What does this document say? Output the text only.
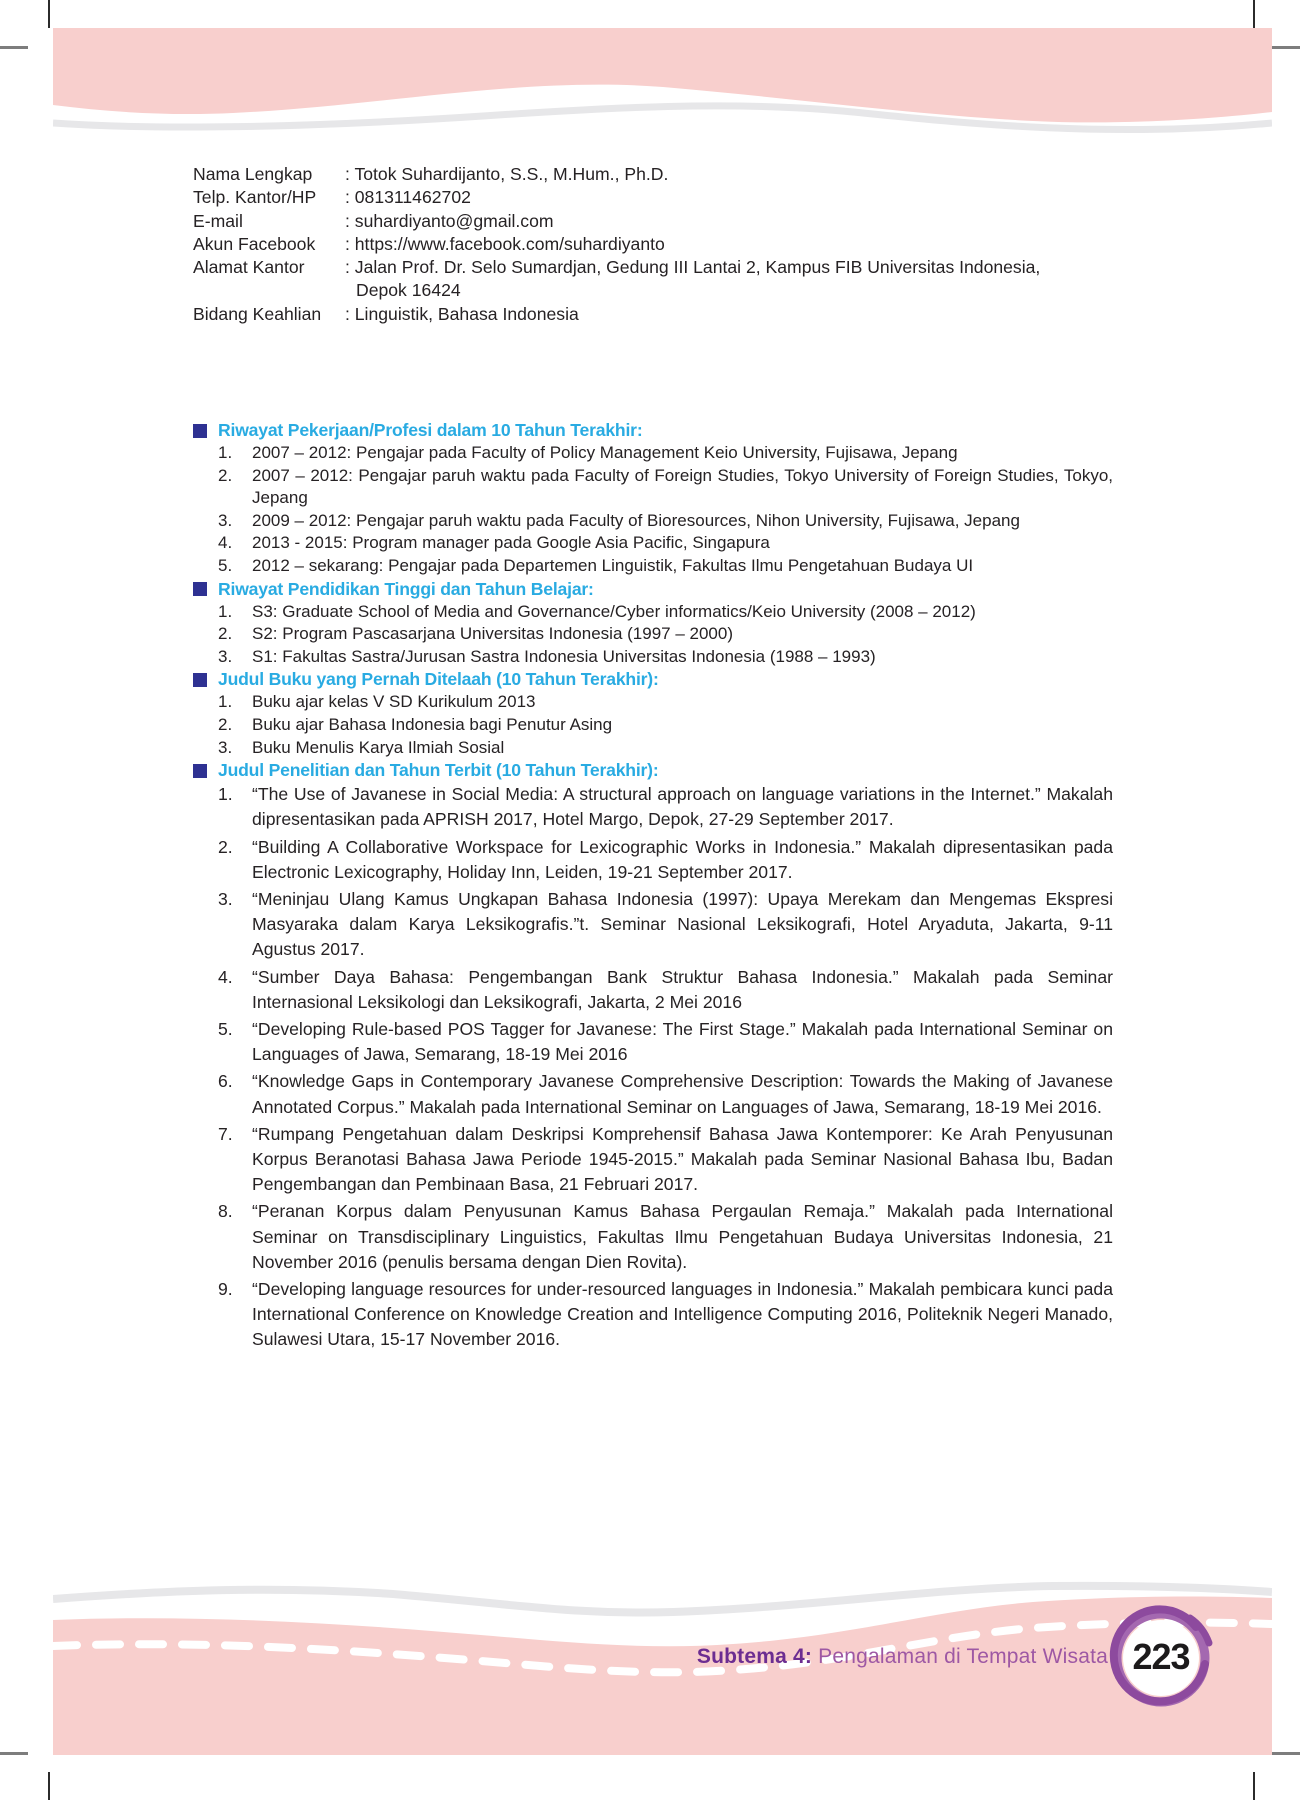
Nama Lengkap	: Totok Suhardijanto, S.S., M.Hum., Ph.D.
Telp. Kantor/HP	: 081311462702
E-mail	: suhardiyanto@gmail.com
Akun Facebook	: https://www.facebook.com/suhardiyanto
Alamat Kantor	: Jalan Prof. Dr. Selo Sumardjan, Gedung III Lantai 2, Kampus FIB Universitas Indonesia, Depok 16424
Bidang Keahlian	: Linguistik, Bahasa Indonesia
Riwayat Pekerjaan/Profesi dalam 10 Tahun Terakhir:
2007 – 2012: Pengajar pada Faculty of Policy Management Keio University, Fujisawa, Jepang
2007 – 2012: Pengajar paruh waktu pada Faculty of Foreign Studies, Tokyo University of Foreign Studies, Tokyo, Jepang
2009 – 2012: Pengajar paruh waktu pada Faculty of Bioresources, Nihon University, Fujisawa, Jepang
2013 - 2015: Program manager pada Google Asia Pacific, Singapura
2012 – sekarang: Pengajar pada Departemen Linguistik, Fakultas Ilmu Pengetahuan Budaya UI
Riwayat Pendidikan Tinggi dan Tahun Belajar:
S3: Graduate School of Media and Governance/Cyber informatics/Keio University (2008 – 2012)
S2: Program Pascasarjana Universitas Indonesia (1997 – 2000)
S1: Fakultas Sastra/Jurusan Sastra Indonesia Universitas Indonesia (1988 – 1993)
Judul Buku yang Pernah Ditelaah (10 Tahun Terakhir):
Buku ajar kelas V SD Kurikulum 2013
Buku ajar Bahasa Indonesia bagi Penutur Asing
Buku Menulis Karya Ilmiah Sosial
Judul Penelitian dan Tahun Terbit (10 Tahun Terakhir):
“The Use of Javanese in Social Media: A structural approach on language variations in the Internet.” Makalah dipresentasikan pada APRISH 2017, Hotel Margo, Depok, 27-29 September 2017.
“Building A Collaborative Workspace for Lexicographic Works in Indonesia.” Makalah dipresentasikan pada Electronic Lexicography, Holiday Inn, Leiden, 19-21 September 2017.
“Meninjau Ulang Kamus Ungkapan Bahasa Indonesia (1997): Upaya Merekam dan Mengemas Ekspresi Masyaraka dalam Karya Leksikografis.”t. Seminar Nasional Leksikografi, Hotel Aryaduta, Jakarta, 9-11 Agustus 2017.
“Sumber Daya Bahasa: Pengembangan Bank Struktur Bahasa Indonesia.” Makalah pada Seminar Internasional Leksikologi dan Leksikografi, Jakarta, 2 Mei 2016
“Developing Rule-based POS Tagger for Javanese: The First Stage.” Makalah pada International Seminar on Languages of Jawa, Semarang, 18-19 Mei 2016
“Knowledge Gaps in Contemporary Javanese Comprehensive Description: Towards the Making of Javanese Annotated Corpus.” Makalah pada International Seminar on Languages of Jawa, Semarang, 18-19 Mei 2016.
“Rumpang Pengetahuan dalam Deskripsi Komprehensif Bahasa Jawa Kontemporer: Ke Arah Penyusunan Korpus Beranotasi Bahasa Jawa Periode 1945-2015.” Makalah pada Seminar Nasional Bahasa Ibu, Badan Pengembangan dan Pembinaan Basa, 21 Februari 2017.
“Peranan Korpus dalam Penyusunan Kamus Bahasa Pergaulan Remaja.” Makalah pada International Seminar on Transdisciplinary Linguistics, Fakultas Ilmu Pengetahuan Budaya Universitas Indonesia, 21 November 2016 (penulis bersama dengan Dien Rovita).
“Developing language resources for under-resourced languages in Indonesia.” Makalah pembicara kunci pada International Conference on Knowledge Creation and Intelligence Computing 2016, Politeknik Negeri Manado, Sulawesi Utara, 15-17 November 2016.
Subtema 4: Pengalaman di Tempat Wisata 223
